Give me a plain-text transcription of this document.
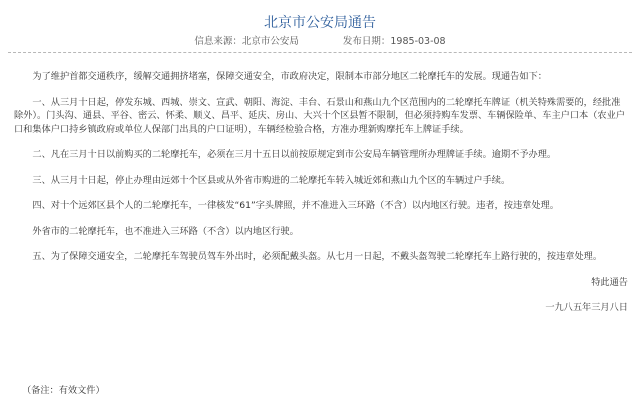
北京市公安局通告
信息来源：北京市公安局	发布日期：1985-03-08

为了维护首都交通秩序，缓解交通拥挤堵塞，保障交通安全，市政府决定，限制本市部分地区二轮摩托车的发展。现通告如下：

一、从三月十日起，停发东城、西城、崇文、宣武、朝阳、海淀、丰台、石景山和燕山九个区范围内的二轮摩托车牌证（机关特殊需要的，经批准除外）。门头沟、通县、平谷、密云、怀柔、顺义、昌平、延庆、房山、大兴十个区县暂不限制，但必须持购车发票、车辆保险单、车主户口本（农业户口和集体户口持乡镇政府或单位人保部门出具的户口证明），车辆经检验合格，方准办理新购摩托车上牌证手续。

二、凡在三月十日以前购买的二轮摩托车，必须在三月十五日以前按原规定到市公安局车辆管理所办理牌证手续。逾期不予办理。

三、从三月十日起，停止办理由远郊十个区县或从外省市购进的二轮摩托车转入城近郊和燕山九个区的车辆过户手续。

四、对十个远郊区县个人的二轮摩托车，一律核发“61”字头牌照，并不准进入三环路（不含）以内地区行驶。违者，按违章处理。

外省市的二轮摩托车，也不准进入三环路（不含）以内地区行驶。

五、为了保障交通安全，二轮摩托车驾驶员驾车外出时，必须配戴头盔。从七月一日起，不戴头盔驾驶二轮摩托车上路行驶的，按违章处理。

特此通告

一九八五年三月八日

（备注：有效文件）
